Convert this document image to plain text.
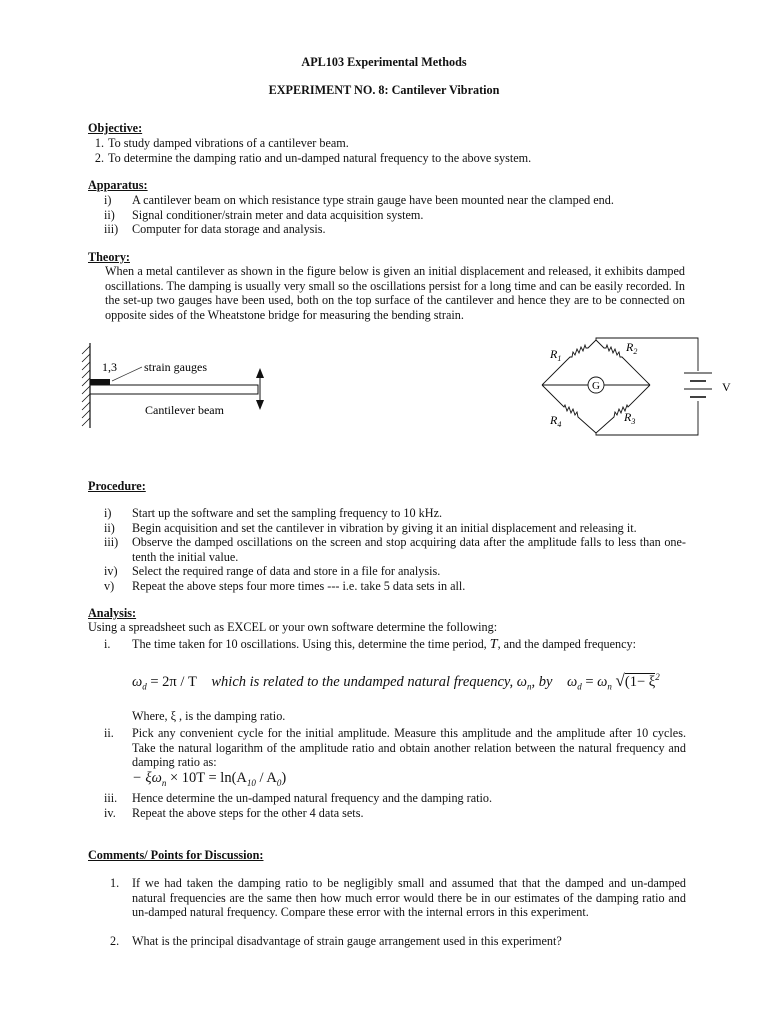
APL103 Experimental Methods
EXPERIMENT NO. 8: Cantilever Vibration
Objective:
1. To study damped vibrations of a cantilever beam.
2. To determine the damping ratio and un-damped natural frequency to the above system.
Apparatus:
i) A cantilever beam on which resistance type strain gauge have been mounted near the clamped end.
ii) Signal conditioner/strain meter and data acquisition system.
iii) Computer for data storage and analysis.
Theory:
When a metal cantilever as shown in the figure below is given an initial displacement and released, it exhibits damped oscillations. The damping is usually very small so the oscillations persist for a long time and can be easily recorded. In the set-up two gauges have been used, both on the top surface of the cantilever and hence they are to be connected on opposite sides of the Wheatstone bridge for measuring the bending strain.
1,3 strain gauges
Cantilever beam
G
$R_1$
$R_2$
$R_3$
$R_4$
V
Procedure:
i) Start up the software and set the sampling frequency to 10 kHz.
ii) Begin acquisition and set the cantilever in vibration by giving it an initial displacement and releasing it.
iii) Observe the damped oscillations on the screen and stop acquiring data after the amplitude falls to less than one-tenth the initial value.
iv) Select the required range of data and store in a file for analysis.
v) Repeat the above steps four more times --- i.e. take 5 data sets in all.
Analysis:
Using a spreadsheet such as EXCEL or your own software determine the following:
i. The time taken for 10 oscillations. Using this, determine the time period, T, and the damped frequency:
$\omega_d = 2\pi / T$ which is related to the undamped natural frequency, $\omega_n$, by $\omega_d = \omega_n$ $√(1- \xi^2$
Where, ξ , is the damping ratio.
ii. Pick any convenient cycle for the initial amplitude. Measure this amplitude and the amplitude after 10 cycles. Take the natural logarithm of the amplitude ratio and obtain another relation between the natural frequency and damping ratio as:
− $\xi\omega_n \times 10T = \ln(A_{10} / A_0)$
iii. Hence determine the un-damped natural frequency and the damping ratio.
iv. Repeat the above steps for the other 4 data sets.
Comments/ Points for Discussion:
1. If we had taken the damping ratio to be negligibly small and assumed that that the damped and un-damped natural frequencies are the same then how much error would there be in our estimates of the damping ratio and un-damped natural frequency. Compare these error with the internal errors in this experiment.
2. What is the principal disadvantage of strain gauge arrangement used in this experiment?
